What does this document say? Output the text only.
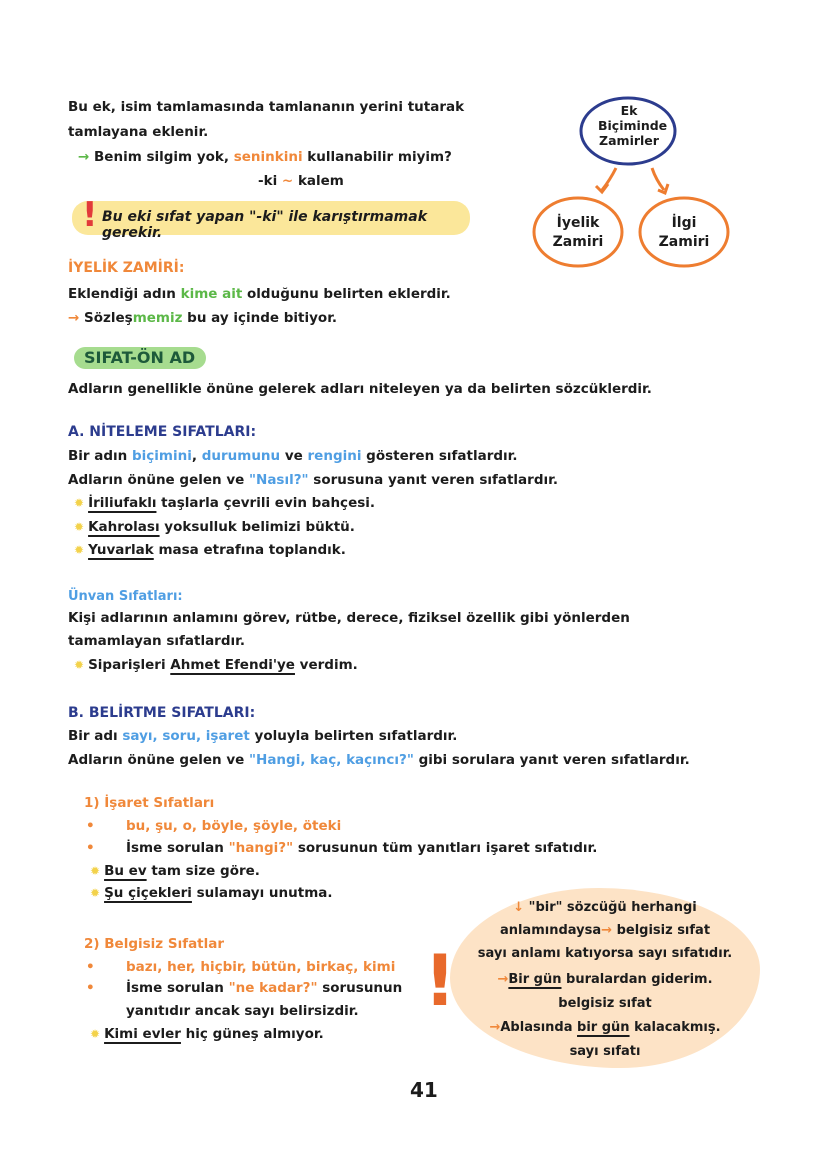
Ek
Biçiminde
Zamirler
İyelik
Zamiri
İlgi
Zamiri
Bu ek, isim tamlamasında tamlananın yerini tutarak
tamlayana eklenir.
→ Benim silgim yok, seninkini kullanabilir miyim?
-ki ~ kalem
! Bu eki sıfat yapan "-ki" ile karıştırmamak gerekir.
İYELİK ZAMİRİ:
Eklendiği adın kime ait olduğunu belirten eklerdir.
→ Sözleşmemiz bu ay içinde bitiyor.
SIFAT-ÖN AD
Adların genellikle önüne gelerek adları niteleyen ya da belirten sözcüklerdir.
A. NİTELEME SIFATLARI:
Bir adın biçimini, durumunu ve rengini gösteren sıfatlardır.
Adların önüne gelen ve "Nasıl?" sorusuna yanıt veren sıfatlardır.
✹ İriliufaklı taşlarla çevrili evin bahçesi.
✹ Kahrolası yoksulluk belimizi büktü.
✹ Yuvarlak masa etrafına toplandık.
Ünvan Sıfatları:
Kişi adlarının anlamını görev, rütbe, derece, fiziksel özellik gibi yönlerden
tamamlayan sıfatlardır.
✹ Siparişleri Ahmet Efendi'ye verdim.
B. BELİRTME SIFATLARI:
Bir adı sayı, soru, işaret yoluyla belirten sıfatlardır.
Adların önüne gelen ve "Hangi, kaç, kaçıncı?" gibi sorulara yanıt veren sıfatlardır.
1) İşaret Sıfatları
• bu, şu, o, böyle, şöyle, öteki
• İsme sorulan "hangi?" sorusunun tüm yanıtları işaret sıfatıdır.
✹ Bu ev tam size göre.
✹ Şu çiçekleri sulamayı unutma.
2) Belgisiz Sıfatlar
• bazı, her, hiçbir, bütün, birkaç, kimi
• İsme sorulan "ne kadar?" sorusunun
yanıtıdır ancak sayı belirsizdir.
✹ Kimi evler hiç güneş almıyor.
!
↓ "bir" sözcüğü herhangi
anlamındaysa→ belgisiz sıfat
sayı anlamı katıyorsa sayı sıfatıdır.
→Bir gün buralardan giderim.
belgisiz sıfat
→Ablasında bir gün kalacakmış.
sayı sıfatı
41
